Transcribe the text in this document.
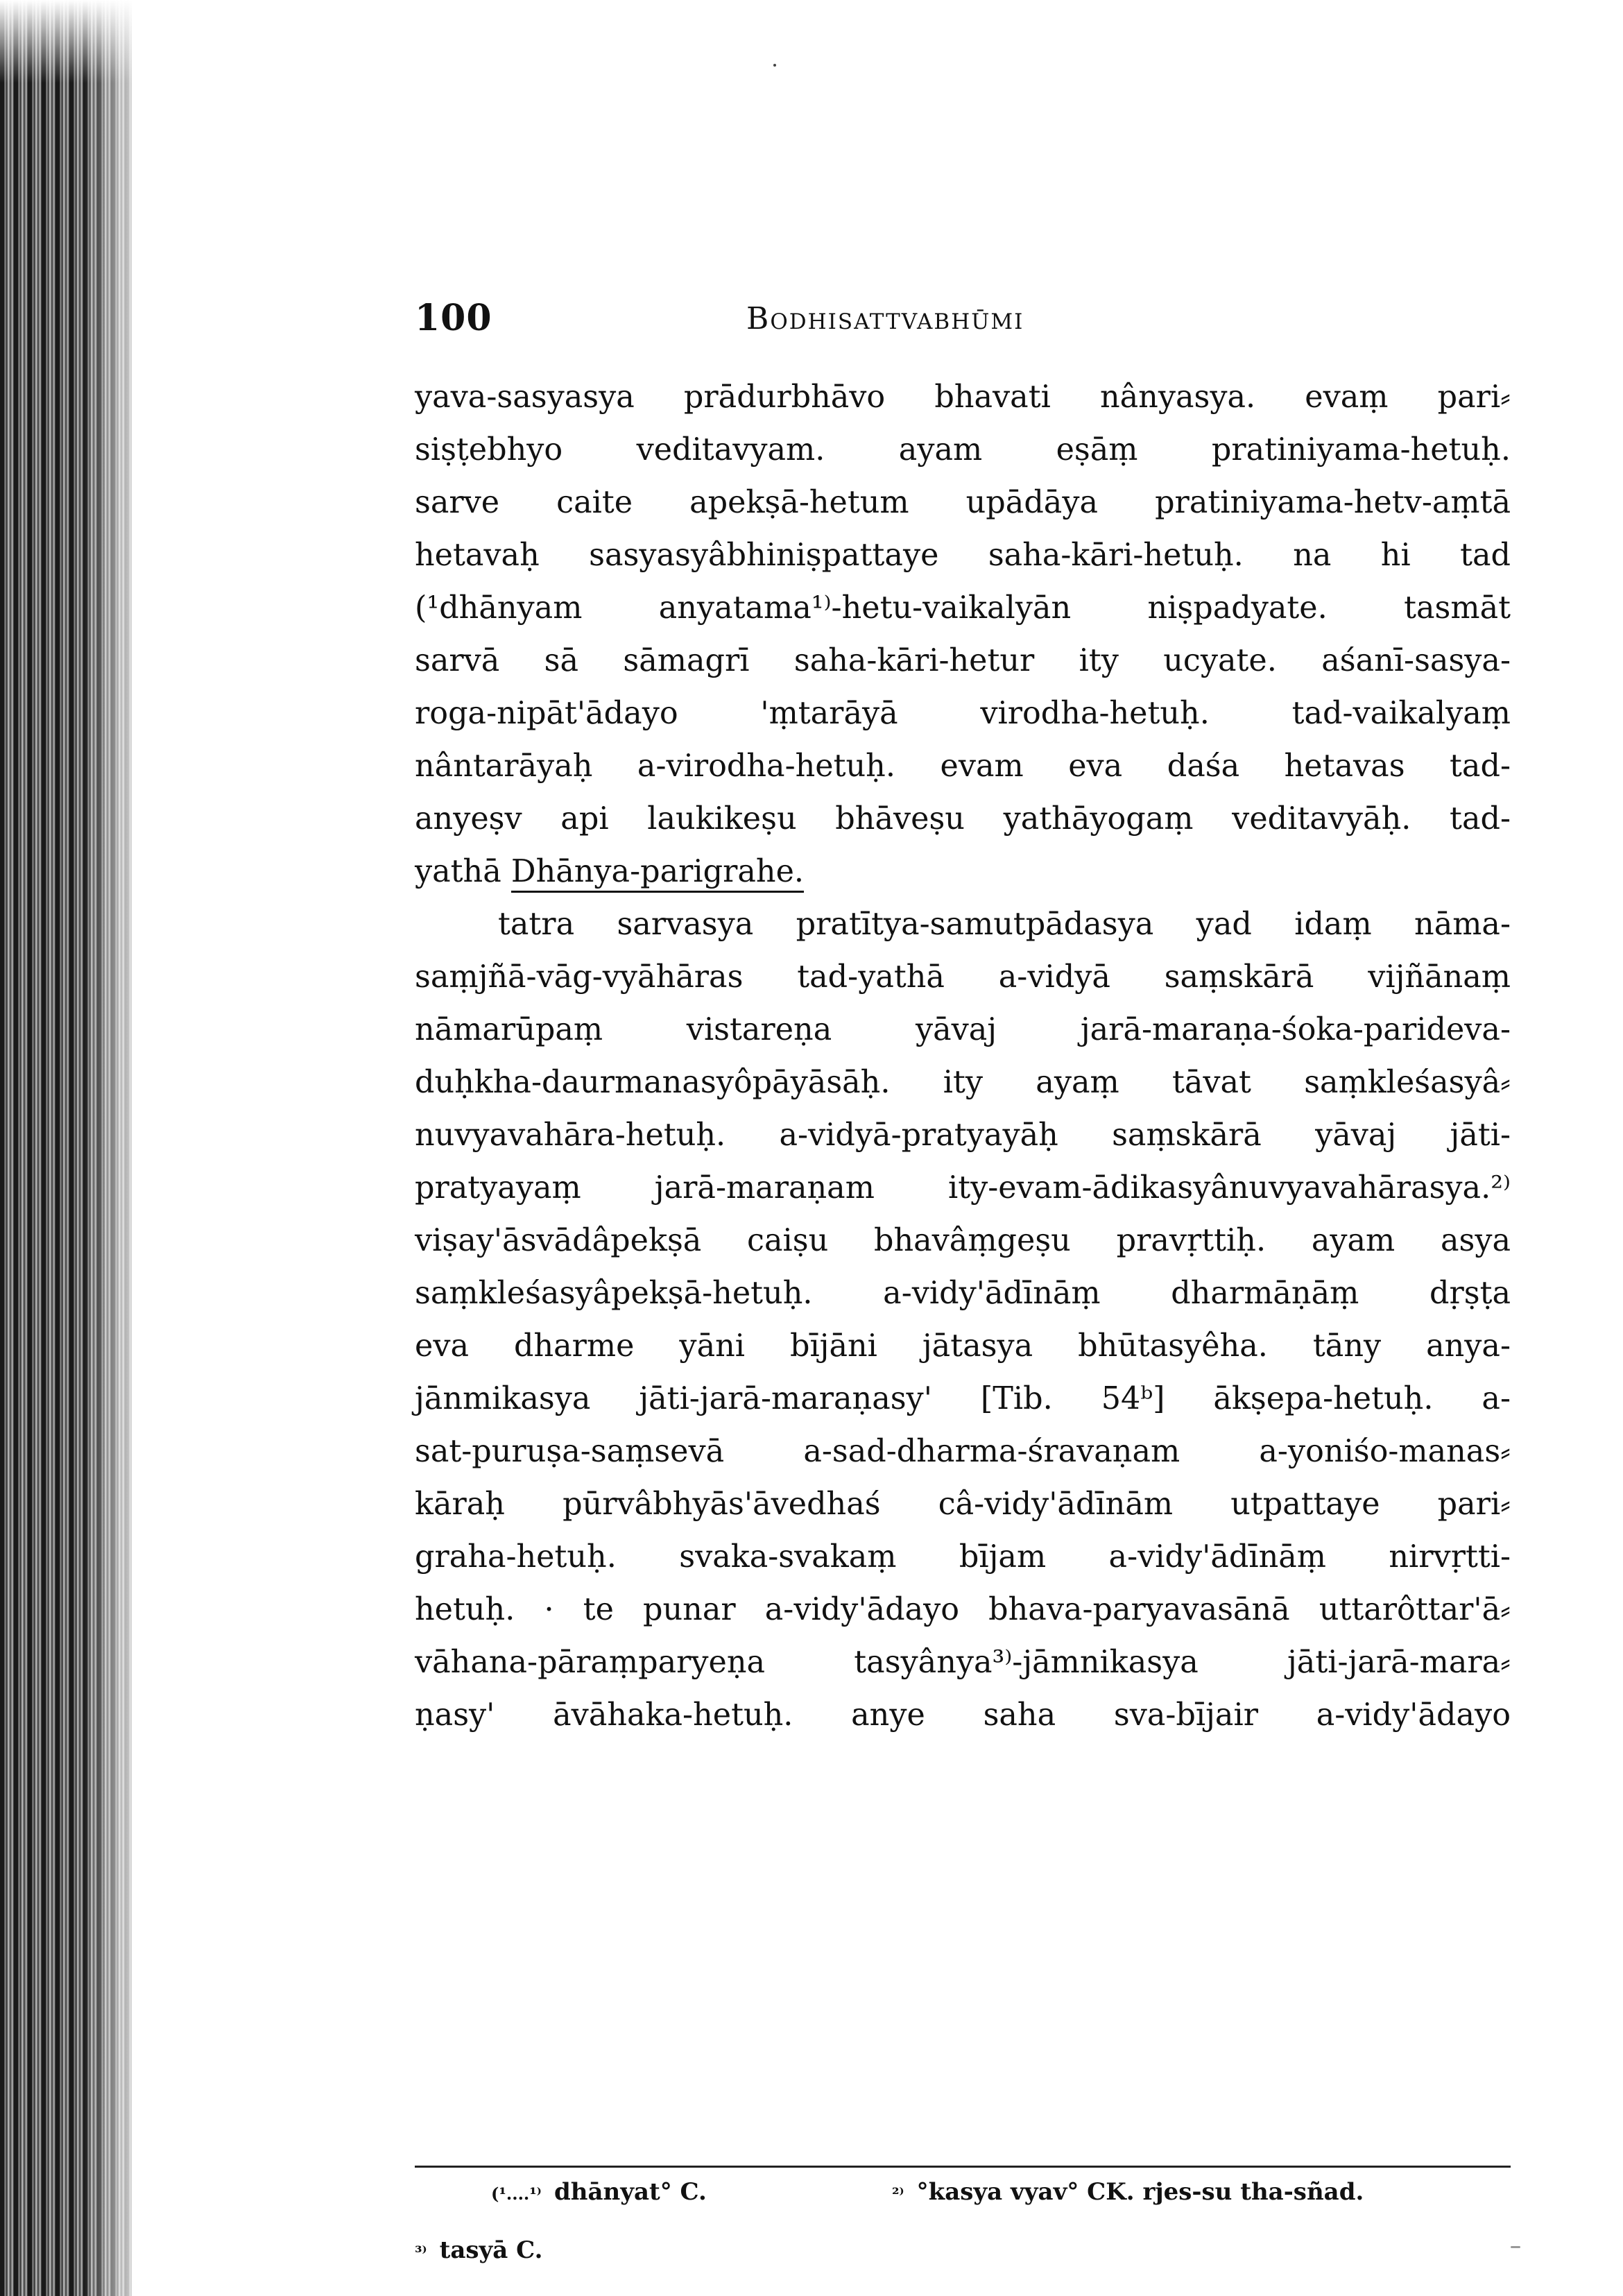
100	Bodhisattvabhūmi
yava-sasyasya prādurbhāvo bhavati nânyasya. evaṃ pari⸗
siṣṭebhyo veditavyam. ayam eṣāṃ pratiniyama-hetuḥ.
sarve caite apekṣā-hetum upādāya pratiniyama-hetv-aṃtā
hetavaḥ sasyasyâbhiniṣpattaye saha-kāri-hetuḥ. na hi tad
(¹dhānyam anyatama¹⁾-hetu-vaikalyān niṣpadyate. tasmāt
sarvā sā sāmagrī saha-kāri-hetur ity ucyate. aśanī-sasya-
roga-nipāt'ādayo 'ṃtarāyā virodha-hetuḥ. tad-vaikalyaṃ
nântarāyaḥ a-virodha-hetuḥ. evam eva daśa hetavas tad-
anyeṣv api laukikeṣu bhāveṣu yathāyogaṃ veditavyāḥ. tad-
yathā Dhānya-parigrahe.
tatra sarvasya pratītya-samutpādasya yad idaṃ nāma-
saṃjñā-vāg-vyāhāras tad-yathā a-vidyā saṃskārā vijñānaṃ
nāmarūpaṃ vistareṇa yāvaj jarā-maraṇa-śoka-parideva-
duḥkha-daurmanasyôpāyāsāḥ. ity ayaṃ tāvat saṃkleśasyâ⸗
nuvyavahāra-hetuḥ. a-vidyā-pratyayāḥ saṃskārā yāvaj jāti-
pratyayaṃ jarā-maraṇam ity-evam-ādikasyânuvyavahārasya.²⁾
viṣay'āsvādâpekṣā caiṣu bhavâṃgeṣu pravṛttiḥ. ayam asya
saṃkleśasyâpekṣā-hetuḥ. a-vidy'ādīnāṃ dharmāṇāṃ dṛṣṭa
eva dharme yāni bījāni jātasya bhūtasyêha. tāny anya-
jānmikasya jāti-jarā-maraṇasy' [Tib. 54ᵇ] ākṣepa-hetuḥ. a-
sat-puruṣa-saṃsevā a-sad-dharma-śravaṇam a-yoniśo-manas⸗
kāraḥ pūrvâbhyās'āvedhaś câ-vidy'ādīnām utpattaye pari⸗
graha-hetuḥ. svaka-svakaṃ bījam a-vidy'ādīnāṃ nirvṛtti-
hetuḥ. · te punar a-vidy'ādayo bhava-paryavasānā uttarôttar'ā⸗
vāhana-pāraṃparyeṇa tasyânya³⁾-jāmnikasya jāti-jarā-mara⸗
ṇasy' āvāhaka-hetuḥ. anye saha sva-bījair a-vidy'ādayo
(¹....¹⁾ dhānyat° C.	²⁾ °kasya vyav° CK. rjes-su tha-sñad.
³⁾ tasyā C.
